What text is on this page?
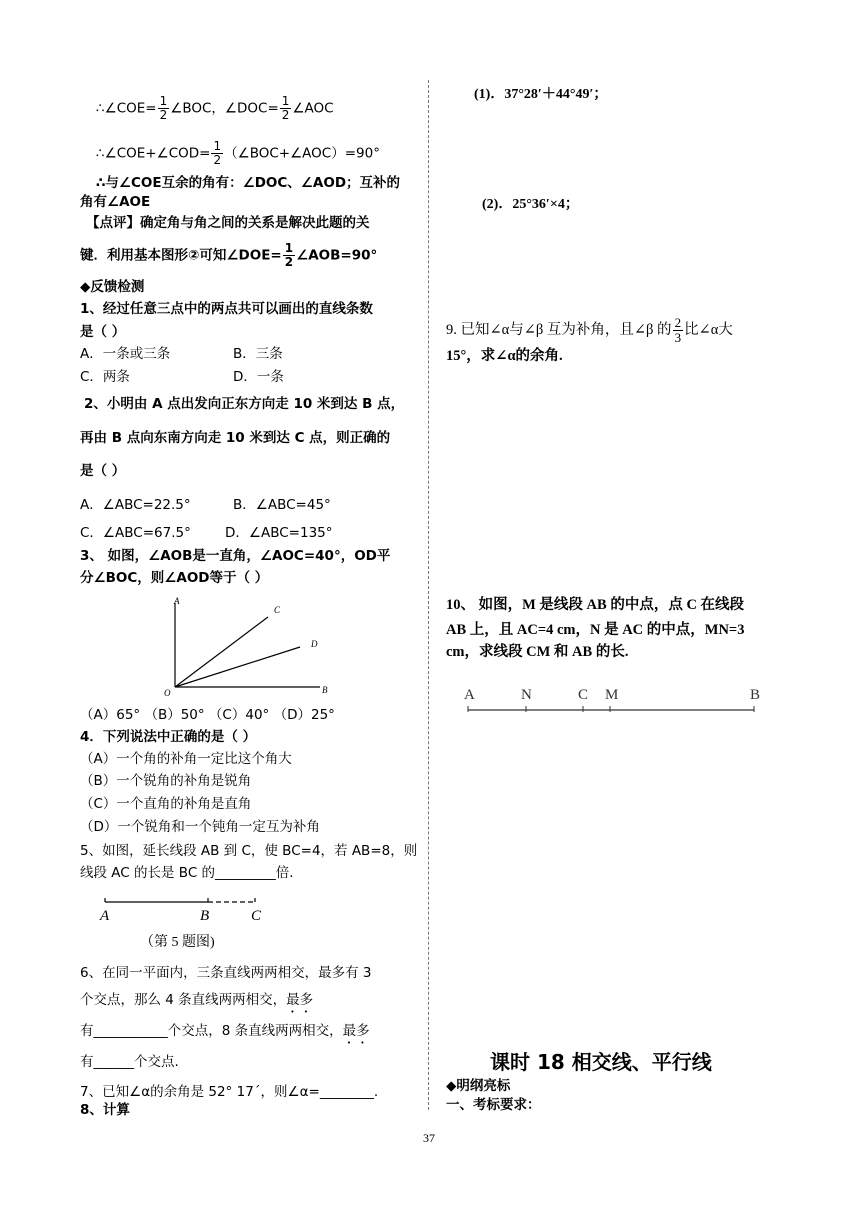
∴∠COE= $\frac{1}{2}$ ∠BOC，∠DOC= $\frac{1}{2}$ ∠AOC
∴∠COE+∠COD= $\frac{1}{2}$ （∠BOC+∠AOC）=90°
∴与∠COE互余的角有：∠DOC、∠AOD；互补的
角有∠AOE
【点评】确定角与角之间的关系是解决此题的关
键．利用基本图形②可知∠DOE= $\frac{1}{2}$ ∠AOB=90°
◆反馈检测
1、经过任意三点中的两点共可以画出的直线条数
是（ ）
A．一条或三条	B．三条
C．两条	D．一条
2、小明由 A 点出发向正东方向走 10 米到达 B 点，
再由 B 点向东南方向走 10 米到达 C 点，则正确的
是（ ）
A．∠ABC=22.5°	B．∠ABC=45°
C．∠ABC=67.5°	D．∠ABC=135°
3、 如图，∠AOB是一直角，∠AOC=40°，OD平
分∠BOC，则∠AOD等于（ ）
A
C
D
B
O
（A）65° （B）50° （C）40° （D）25°
4．下列说法中正确的是（ ）
（A）一个角的补角一定比这个角大
（B）一个锐角的补角是锐角
（C）一个直角的补角是直角
（D）一个锐角和一个钝角一定互为补角
5、如图，延长线段 AB 到 C，使 BC=4，若 AB=8，则
线段 AC 的长是 BC 的_________倍.
A	B	C
（第 5 题图)
6、在同一平面内，三条直线两两相交，最多有 3
个交点，那么 4 条直线两两相交，最多
有___________个交点，8 条直线两两相交，最多
有______个交点.
7、已知∠α的余角是 52° 17´，则∠α=________.
8、计算
(1)．37°28′＋44°49′；
(2)．25°36′×4；
9. 已知∠α与∠β 互为补角，且∠β 的 $\frac{2}{3}$ 比∠α大
15°，求∠α的余角.
10、 如图，M 是线段 AB 的中点，点 C 在线段
AB 上，且 AC=4 cm，N 是 AC 的中点，MN=3
cm，求线段 CM 和 AB 的长.
A	N	C M	B
课时 18 相交线、平行线
◆明纲亮标
一、考标要求：
37
